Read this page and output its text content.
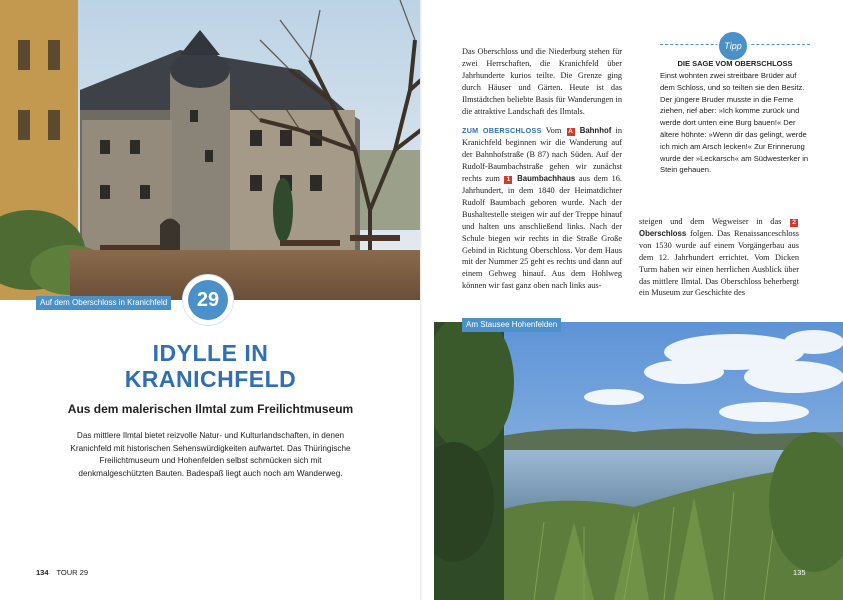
Auf dem Oberschloss in Kranichfeld	29
IDYLLE IN
KRANICHFELD
Aus dem malerischen Ilmtal zum Freilichtmuseum
Das mittlere Ilmtal bietet reizvolle Natur- und Kulturlandschaften, in denen Kranichfeld mit historischen Sehenswürdigkeiten aufwartet. Das Thüringische Freilichtmuseum und Hohenfelden selbst schmücken sich mit denkmalgeschützten Bauten. Badespaß liegt auch noch am Wanderweg.
134 TOUR 29
Am Stausee Hohenfelden

Das Oberschloss und die Niederburg stehen für zwei Herrschaften, die Kranichfeld über Jahrhunderte kurios teilte. Die Grenze ging durch Häuser und Gärten. Heute ist das Ilmstädtchen beliebte Basis für Wanderungen in die attraktive Landschaft des Ilmtals.

ZUM OBERSCHLOSS Vom A Bahnhof in Kranichfeld beginnen wir die Wanderung auf der Bahnhofstraße (B 87) nach Süden. Auf der Rudolf-Baumbachstraße gehen wir zunächst rechts zum 1 Baumbachhaus aus dem 16. Jahrhundert, in dem 1840 der Heimatdichter Rudolf Baumbach geboren wurde. Nach der Bushaltestelle steigen wir auf der Treppe hinauf und halten uns anschließend links. Nach der Schule biegen wir rechts in die Straße Große Gebind in Richtung Oberschloss. Vor dem Haus mit der Nummer 25 geht es rechts und dann auf einem Gehweg hinauf. Aus dem Hohlweg können wir fast ganz oben nach links aus-

steigen und dem Wegweiser in das 2 Oberschloss folgen. Das Renaissanceschloss von 1530 wurde auf einem Vorgängerbau aus dem 12. Jahrhundert errichtet. Vom Dicken Turm haben wir einen herrlichen Ausblick über das mittlere Ilmtal. Das Oberschloss beherbergt ein Museum zur Geschichte des
Tipp
DIE SAGE VOM OBERSCHLOSS
Einst wohnten zwei streitbare Brüder auf dem Schloss, und so teilten sie den Besitz. Der jüngere Bruder musste in die Ferne ziehen, rief aber: »Ich komme zurück und werde dort unten eine Burg bauen!« Der ältere höhnte: »Wenn dir das gelingt, werde ich mich am Arsch lecken!« Zur Erinnerung wurde der »Leckarsch« am Südwesterker in Stein gehauen.
135
